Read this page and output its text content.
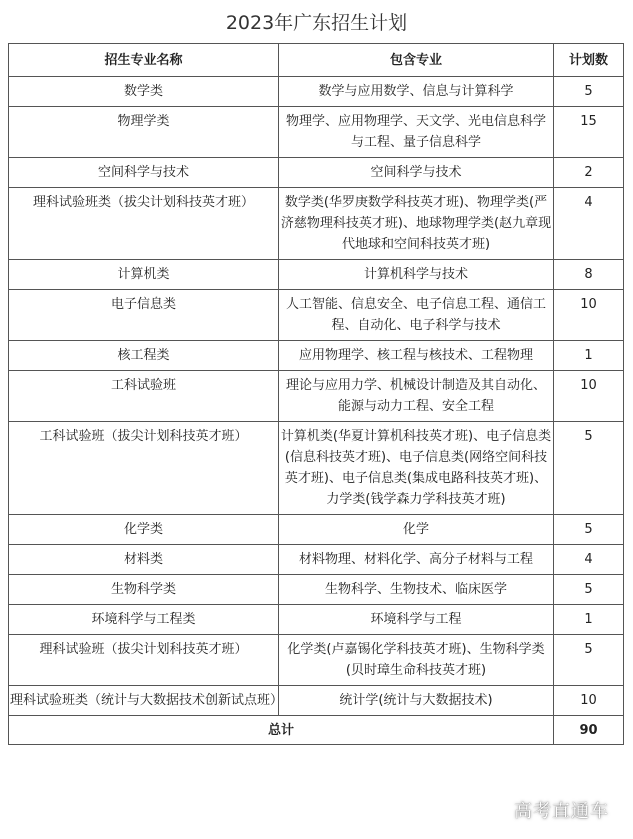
2023年广东招生计划
招生专业名称	包含专业	计划数
数学类	数学与应用数学、信息与计算科学	5
物理学类	物理学、应用物理学、天文学、光电信息科学与工程、量子信息科学	15
空间科学与技术	空间科学与技术	2
理科试验班类（拔尖计划科技英才班）	数学类(华罗庚数学科技英才班)、物理学类(严济慈物理科技英才班)、地球物理学类(赵九章现代地球和空间科技英才班)	4
计算机类	计算机科学与技术	8
电子信息类	人工智能、信息安全、电子信息工程、通信工程、自动化、电子科学与技术	10
核工程类	应用物理学、核工程与核技术、工程物理	1
工科试验班	理论与应用力学、机械设计制造及其自动化、能源与动力工程、安全工程	10
工科试验班（拔尖计划科技英才班）	计算机类(华夏计算机科技英才班)、电子信息类(信息科技英才班)、电子信息类(网络空间科技英才班)、电子信息类(集成电路科技英才班)、力学类(钱学森力学科技英才班)	5
化学类	化学	5
材料类	材料物理、材料化学、高分子材料与工程	4
生物科学类	生物科学、生物技术、临床医学	5
环境科学与工程类	环境科学与工程	1
理科试验班（拔尖计划科技英才班）	化学类(卢嘉锡化学科技英才班)、生物科学类(贝时璋生命科技英才班)	5
理科试验班类（统计与大数据技术创新试点班）	统计学(统计与大数据技术)	10
总计		90
高考直通车
